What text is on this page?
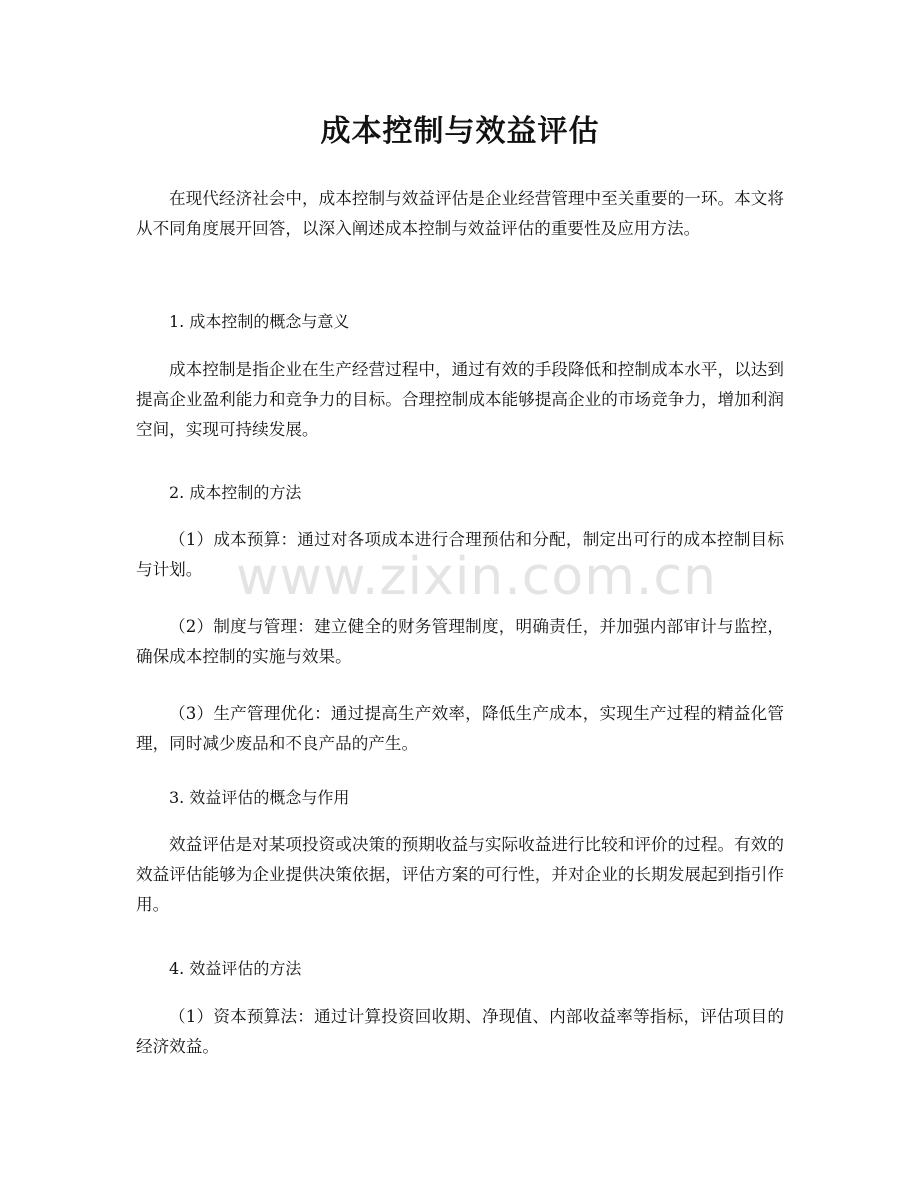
成本控制与效益评估

在现代经济社会中，成本控制与效益评估是企业经营管理中至关重要的一环。本文将从不同角度展开回答，以深入阐述成本控制与效益评估的重要性及应用方法。

1. 成本控制的概念与意义

成本控制是指企业在生产经营过程中，通过有效的手段降低和控制成本水平，以达到提高企业盈利能力和竞争力的目标。合理控制成本能够提高企业的市场竞争力，增加利润空间，实现可持续发展。

2. 成本控制的方法

（1）成本预算：通过对各项成本进行合理预估和分配，制定出可行的成本控制目标与计划。

（2）制度与管理：建立健全的财务管理制度，明确责任，并加强内部审计与监控，确保成本控制的实施与效果。

（3）生产管理优化：通过提高生产效率，降低生产成本，实现生产过程的精益化管理，同时减少废品和不良产品的产生。

3. 效益评估的概念与作用

效益评估是对某项投资或决策的预期收益与实际收益进行比较和评价的过程。有效的效益评估能够为企业提供决策依据，评估方案的可行性，并对企业的长期发展起到指引作用。

4. 效益评估的方法

（1）资本预算法：通过计算投资回收期、净现值、内部收益率等指标，评估项目的经济效益。

www.zixin.com.cn
